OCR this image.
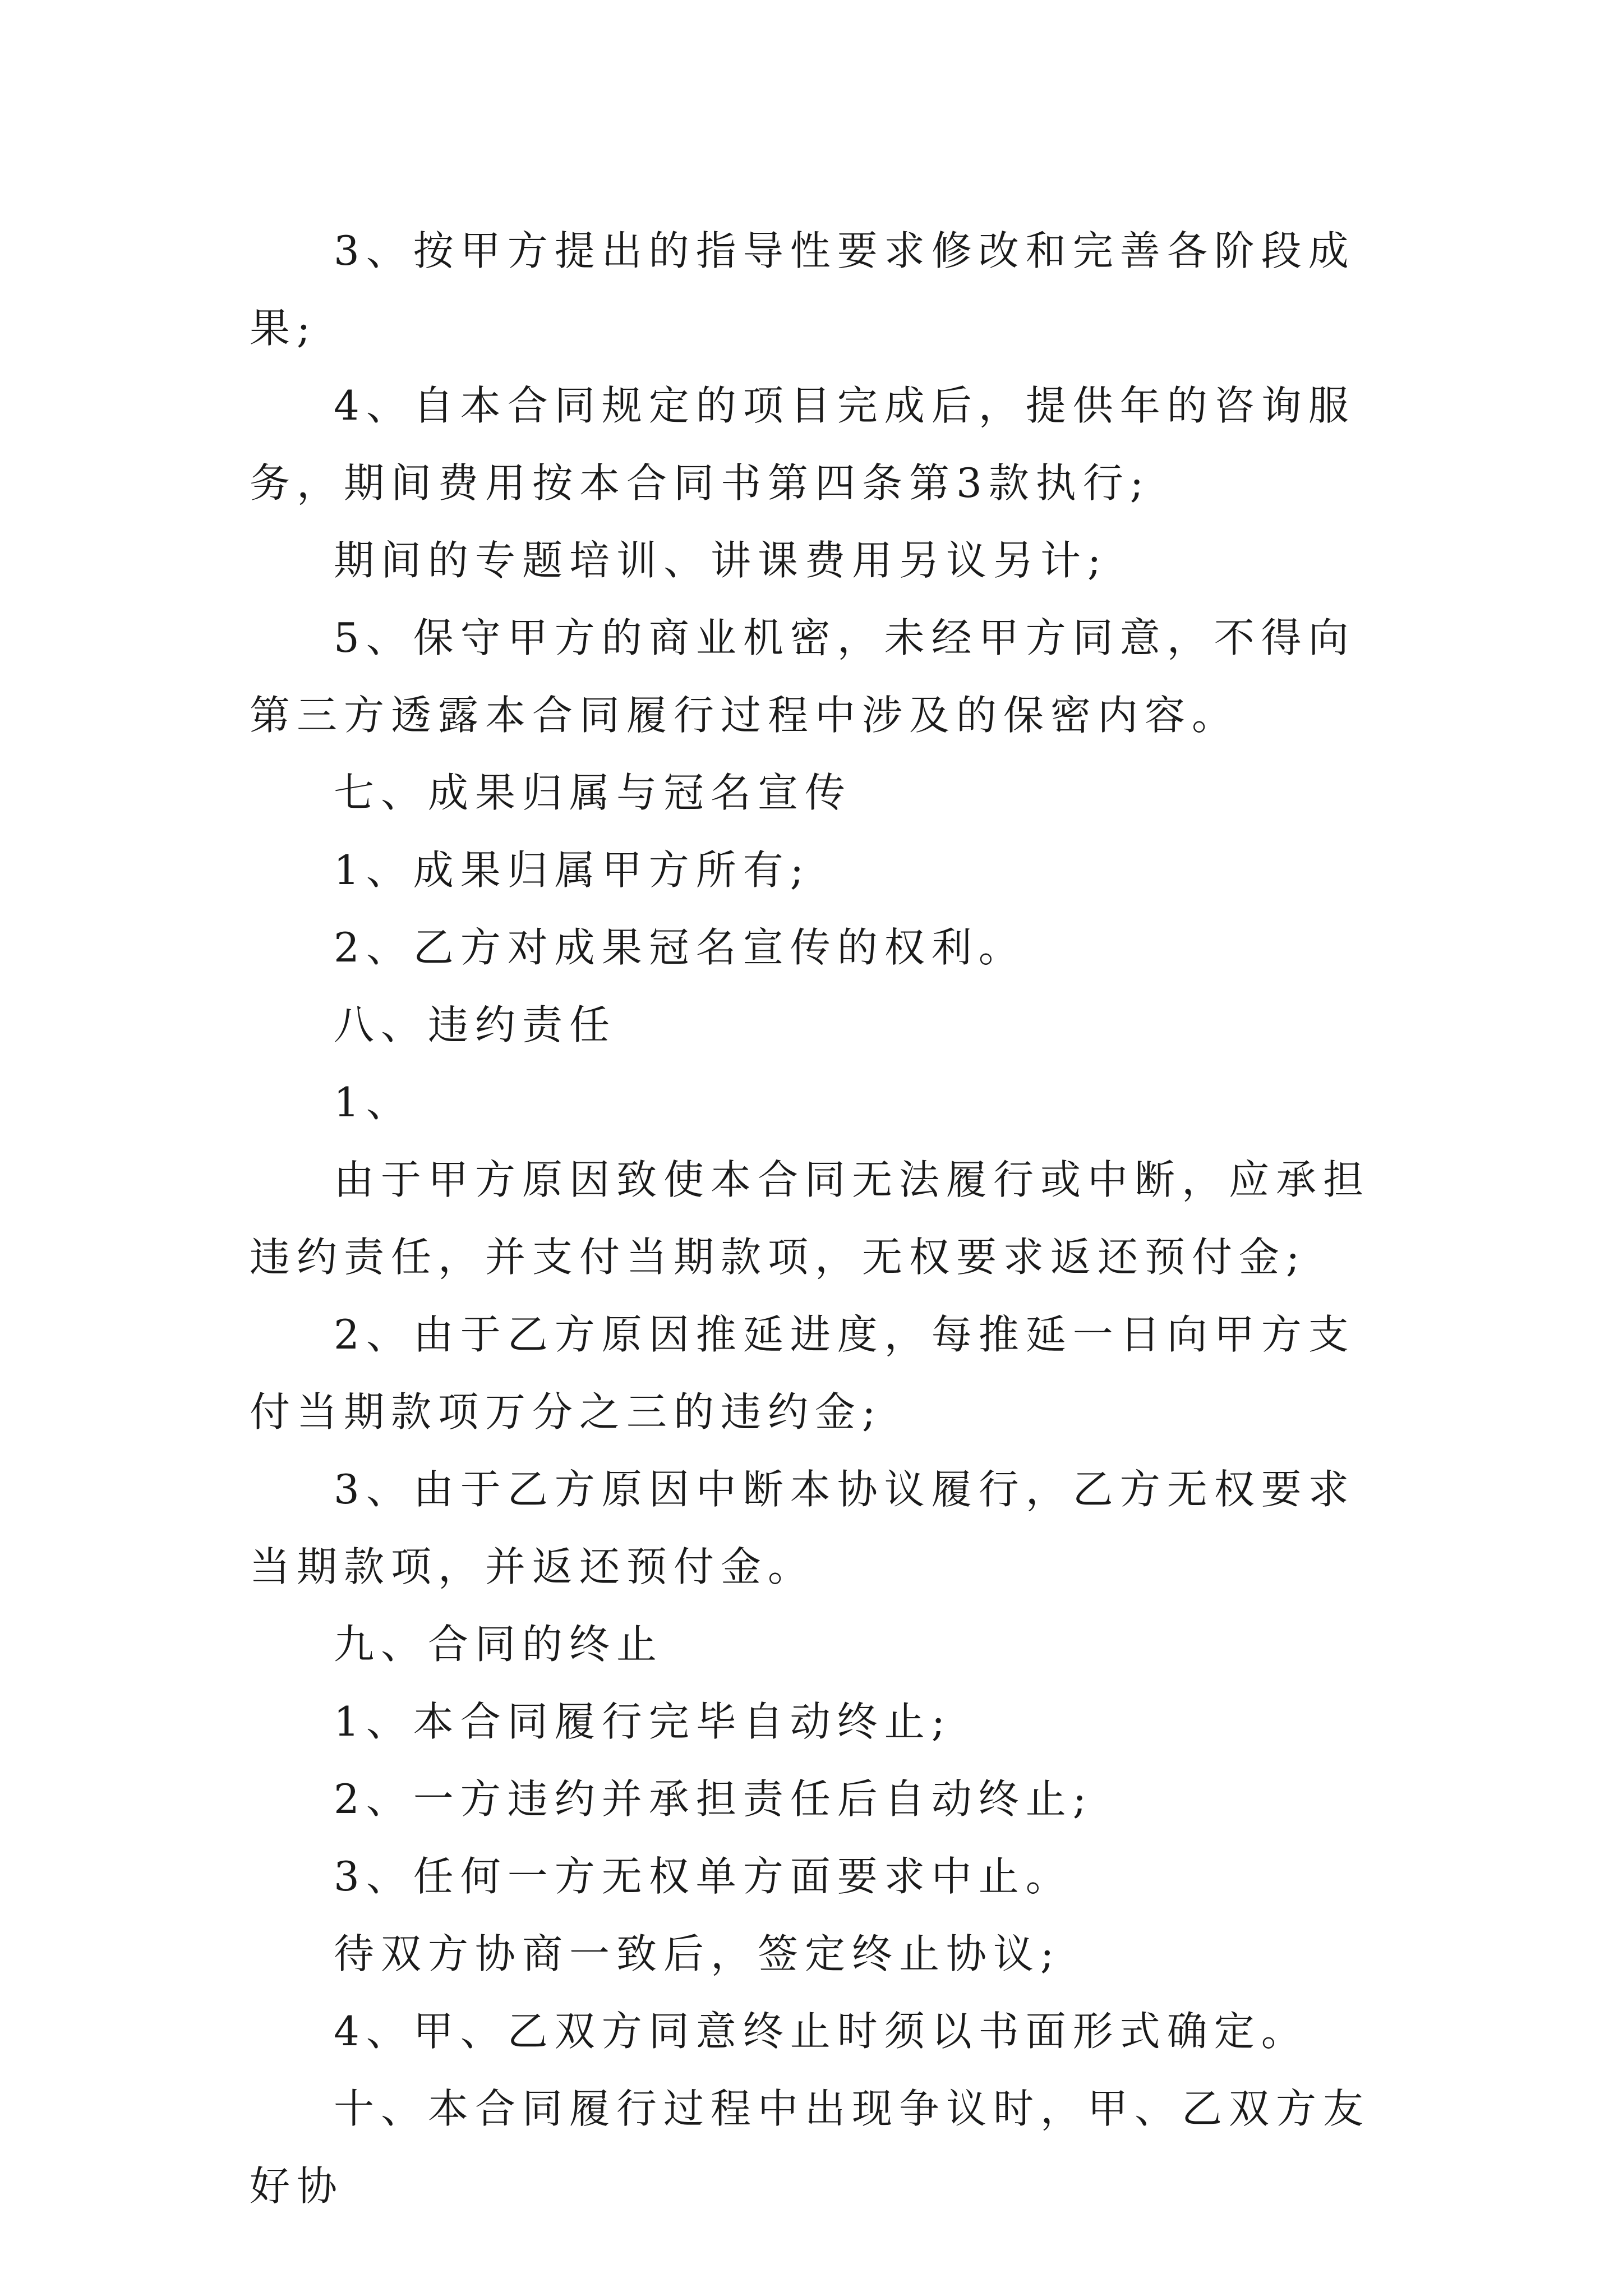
3、按甲方提出的指导性要求修改和完善各阶段成果;

4、自本合同规定的项目完成后，提供年的咨询服务，期间费用按本合同书第四条第3款执行;

期间的专题培训、讲课费用另议另计;

5、保守甲方的商业机密，未经甲方同意，不得向第三方透露本合同履行过程中涉及的保密内容。

七、成果归属与冠名宣传

1、成果归属甲方所有;

2、乙方对成果冠名宣传的权利。

八、违约责任

1、

由于甲方原因致使本合同无法履行或中断，应承担违约责任，并支付当期款项，无权要求返还预付金;

2、由于乙方原因推延进度，每推延一日向甲方支付当期款项万分之三的违约金;

3、由于乙方原因中断本协议履行，乙方无权要求当期款项，并返还预付金。

九、合同的终止

1、本合同履行完毕自动终止;

2、一方违约并承担责任后自动终止;

3、任何一方无权单方面要求中止。

待双方协商一致后，签定终止协议;

4、甲、乙双方同意终止时须以书面形式确定。

十、本合同履行过程中出现争议时，甲、乙双方友好协
